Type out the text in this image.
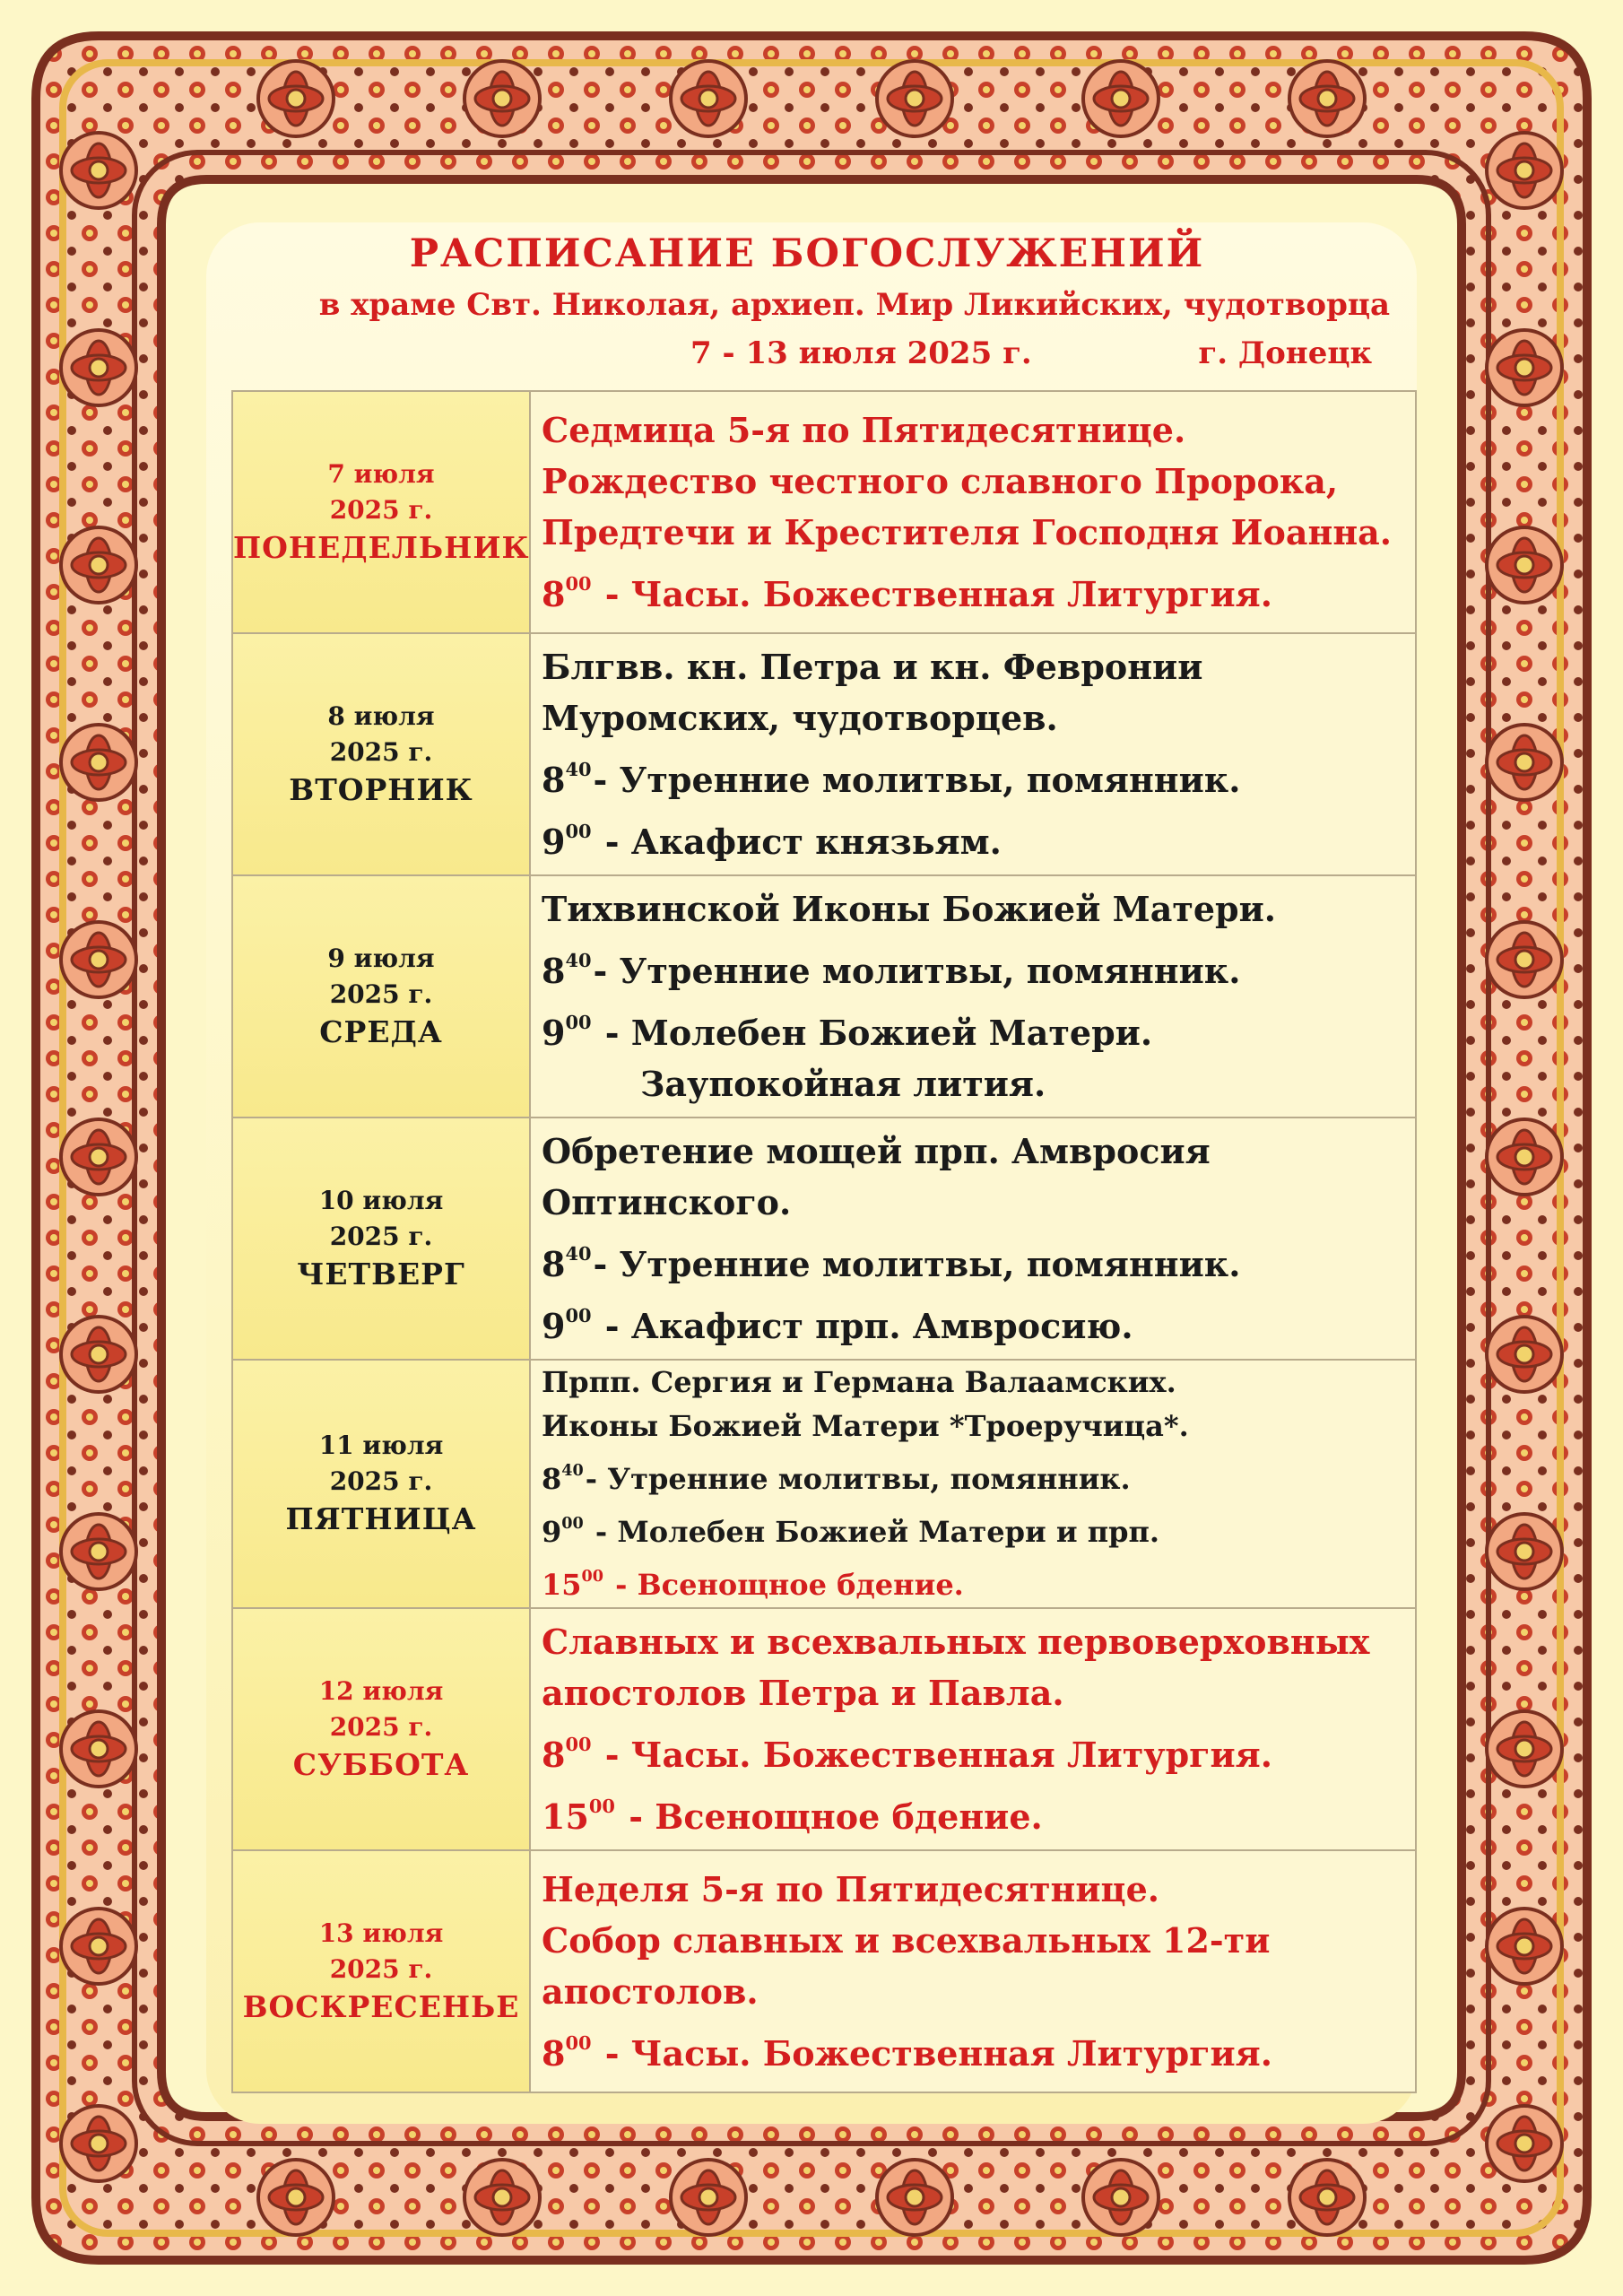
РАСПИСАНИЕ БОГОСЛУЖЕНИЙ
в храме Свт. Николая, архиеп. Мир Ликийских, чудотворца
7 - 13 июля 2025 г.	г. Донецк
7 июля
2025 г.
ПОНЕДЕЛЬНИК	Седмица 5-я по Пятидесятнице.
Рождество честного славного Пророка,
Предтечи и Крестителя Господня Иоанна.
$8^{00}$ - Часы. Божественная Литургия.

8 июля
2025 г.
ВТОРНИК	Блгвв. кн. Петра и кн. Февронии
Муромских, чудотворцев.
$8^{40}-$ Утренние молитвы, помянник.
$9^{00}$ - Акафист князьям.

9 июля
2025 г.
СРЕДА	Тихвинской Иконы Божией Матери.
$8^{40}-$ Утренние молитвы, помянник.
$9^{00}$ - Молебен Божией Матери.
Заупокойная лития.

10 июля
2025 г.
ЧЕТВЕРГ	Обретение мощей прп. Амвросия
Оптинского.
$8^{40}-$ Утренние молитвы, помянник.
$9^{00}$ - Акафист прп. Амвросию.

11 июля
2025 г.
ПЯТНИЦА	Прпп. Сергия и Германа Валаамских.
Иконы Божией Матери *Троеручица*.
$8^{40}-$ Утренние молитвы, помянник.
$9^{00}$ - Молебен Божией Матери и прп.
$15^{00}$ - Всенощное бдение.

12 июля
2025 г.
СУББОТА	Славных и всехвальных первоверховных
апостолов Петра и Павла.
$8^{00}$ - Часы. Божественная Литургия.
$15^{00}$ - Всенощное бдение.

13 июля
2025 г.
ВОСКРЕСЕНЬЕ	Неделя 5-я по Пятидесятнице.
Собор славных и всехвальных 12-ти
апостолов.
$8^{00}$ - Часы. Божественная Литургия.
